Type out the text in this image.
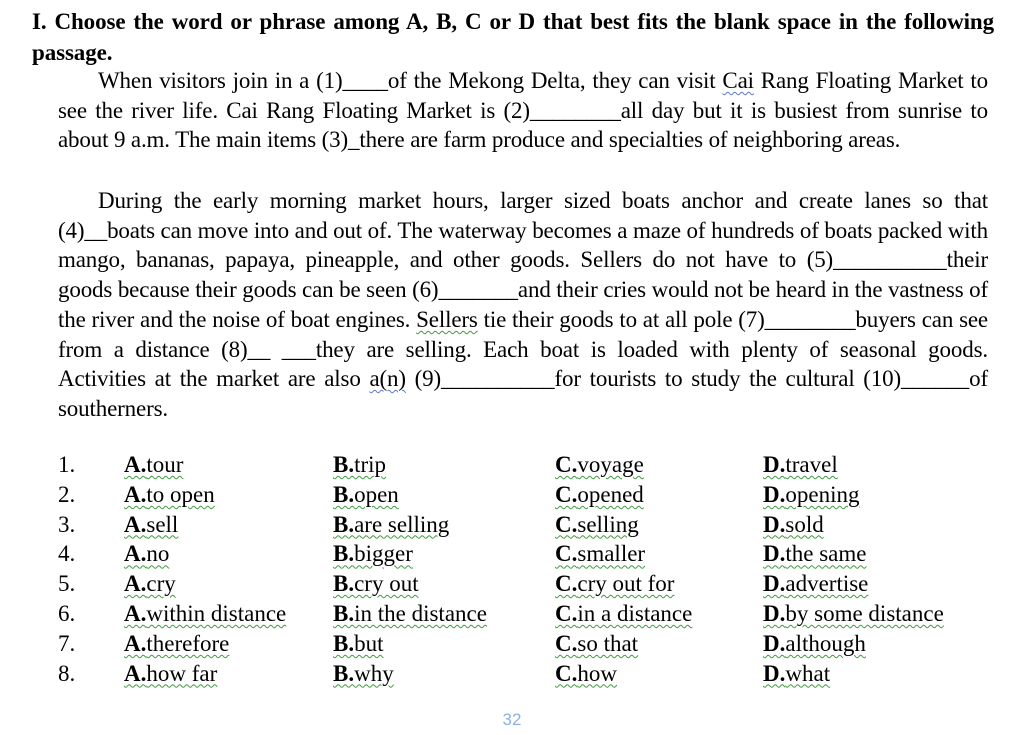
I. Choose the word or phrase among A, B, C or D that best fits the blank space in the following passage.
When visitors join in a (1)____of the Mekong Delta, they can visit Cai Rang Floating Market to see the river life. Cai Rang Floating Market is (2)________all day but it is busiest from sunrise to about 9 a.m. The main items (3)_there are farm produce and specialties of neighboring areas.
During the early morning market hours, larger sized boats anchor and create lanes so that (4)__boats can move into and out of. The waterway becomes a maze of hundreds of boats packed with mango, bananas, papaya, pineapple, and other goods. Sellers do not have to (5)__________their goods because their goods can be seen (6)_______and their cries would not be heard in the vastness of the river and the noise of boat engines. Sellers tie their goods to at all pole (7)________buyers can see from a distance (8)__ ___they are selling. Each boat is loaded with plenty of seasonal goods. Activities at the market are also a(n) (9)__________for tourists to study the cultural (10)______of southerners.
1. A.tour	B.trip	C.voyage	D.travel
2. A.to open	B.open	C.opened	D.opening
3. A.sell	B.are selling	C.selling	D.sold
4. A.no	B.bigger	C.smaller	D.the same
5. A.cry	B.cry out	C.cry out for	D.advertise
6. A.within distance B.in the distance	C.in a distance	D.by some distance
7. A.therefore	B.but	C.so that	D.although
8. A.how far	B.why	C.how	D.what
32
